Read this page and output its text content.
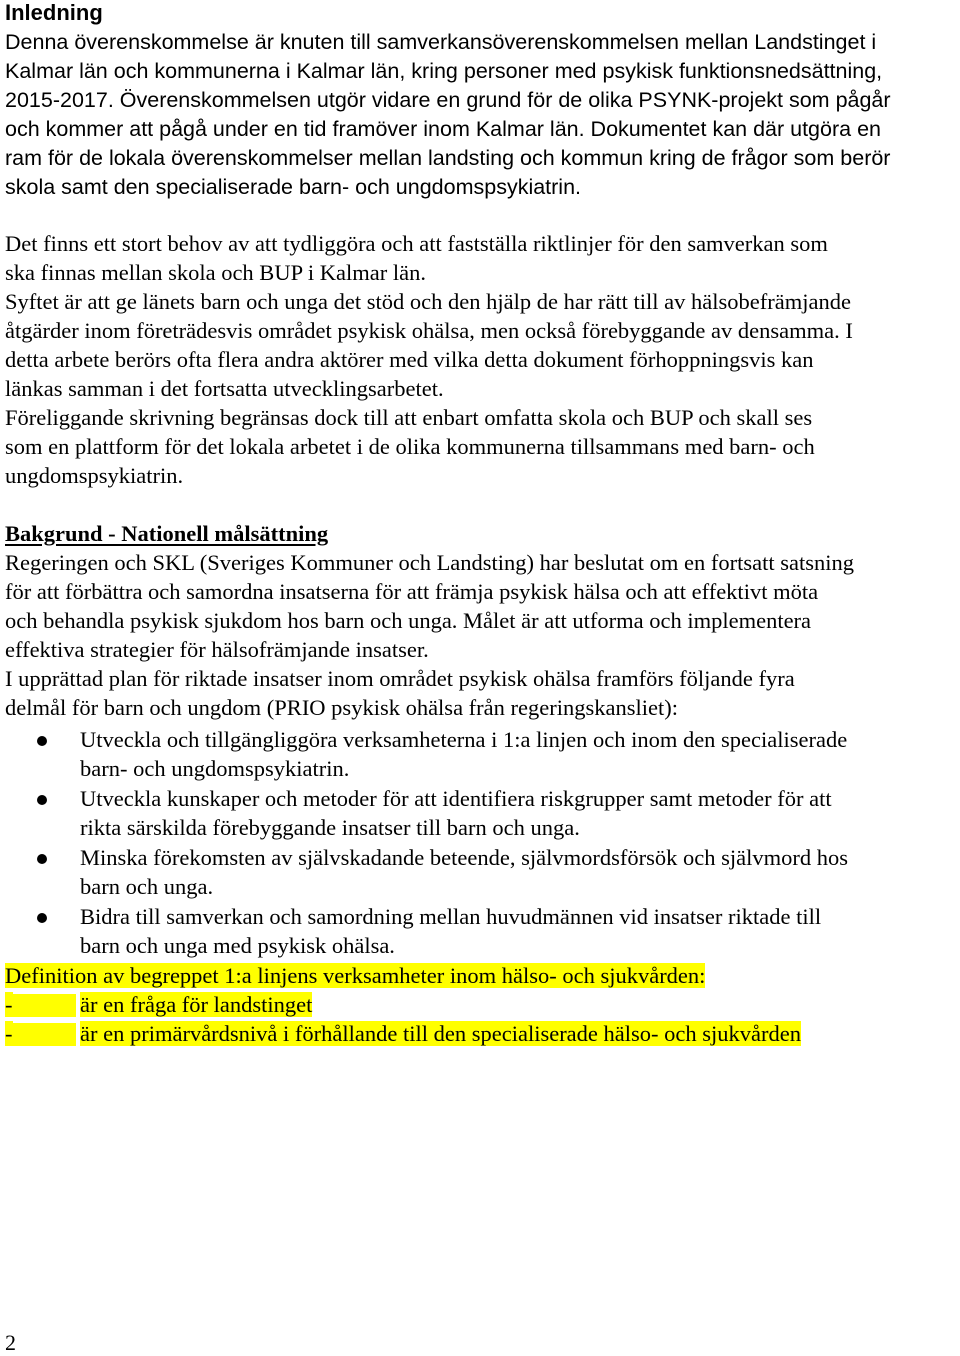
Inledning
Denna överenskommelse är knuten till samverkansöverenskommelsen mellan Landstinget i
Kalmar län och kommunerna i Kalmar län, kring personer med psykisk funktionsnedsättning,
2015-2017. Överenskommelsen utgör vidare en grund för de olika PSYNK-projekt som pågår
och kommer att pågå under en tid framöver inom Kalmar län. Dokumentet kan där utgöra en
ram för de lokala överenskommelser mellan landsting och kommun kring de frågor som berör
skola samt den specialiserade barn- och ungdomspsykiatrin.
Det finns ett stort behov av att tydliggöra och att fastställa riktlinjer för den samverkan som
ska finnas mellan skola och BUP i Kalmar län.
Syftet är att ge länets barn och unga det stöd och den hjälp de har rätt till av hälsobefrämjande
åtgärder inom företrädesvis området psykisk ohälsa, men också förebyggande av densamma. I
detta arbete berörs ofta flera andra aktörer med vilka detta dokument förhoppningsvis kan
länkas samman i det fortsatta utvecklingsarbetet.
Föreliggande skrivning begränsas dock till att enbart omfatta skola och BUP och skall ses
som en plattform för det lokala arbetet i de olika kommunerna tillsammans med barn- och
ungdomspsykiatrin.
Bakgrund - Nationell målsättning
Regeringen och SKL (Sveriges Kommuner och Landsting) har beslutat om en fortsatt satsning
för att förbättra och samordna insatserna för att främja psykisk hälsa och att effektivt möta
och behandla psykisk sjukdom hos barn och unga. Målet är att utforma och implementera
effektiva strategier för hälsofrämjande insatser.
I upprättad plan för riktade insatser inom området psykisk ohälsa framförs följande fyra
delmål för barn och ungdom (PRIO psykisk ohälsa från regeringskansliet):
Utveckla och tillgängliggöra verksamheterna i 1:a linjen och inom den specialiserade
barn- och ungdomspsykiatrin.
Utveckla kunskaper och metoder för att identifiera riskgrupper samt metoder för att
rikta särskilda förebyggande insatser till barn och unga.
Minska förekomsten av självskadande beteende, självmordsförsök och självmord hos
barn och unga.
Bidra till samverkan och samordning mellan huvudmännen vid insatser riktade till
barn och unga med psykisk ohälsa.
Definition av begreppet 1:a linjens verksamheter inom hälso- och sjukvården:
-	är en fråga för landstinget
-	är en primärvårdsnivå i förhållande till den specialiserade hälso- och sjukvården
2
